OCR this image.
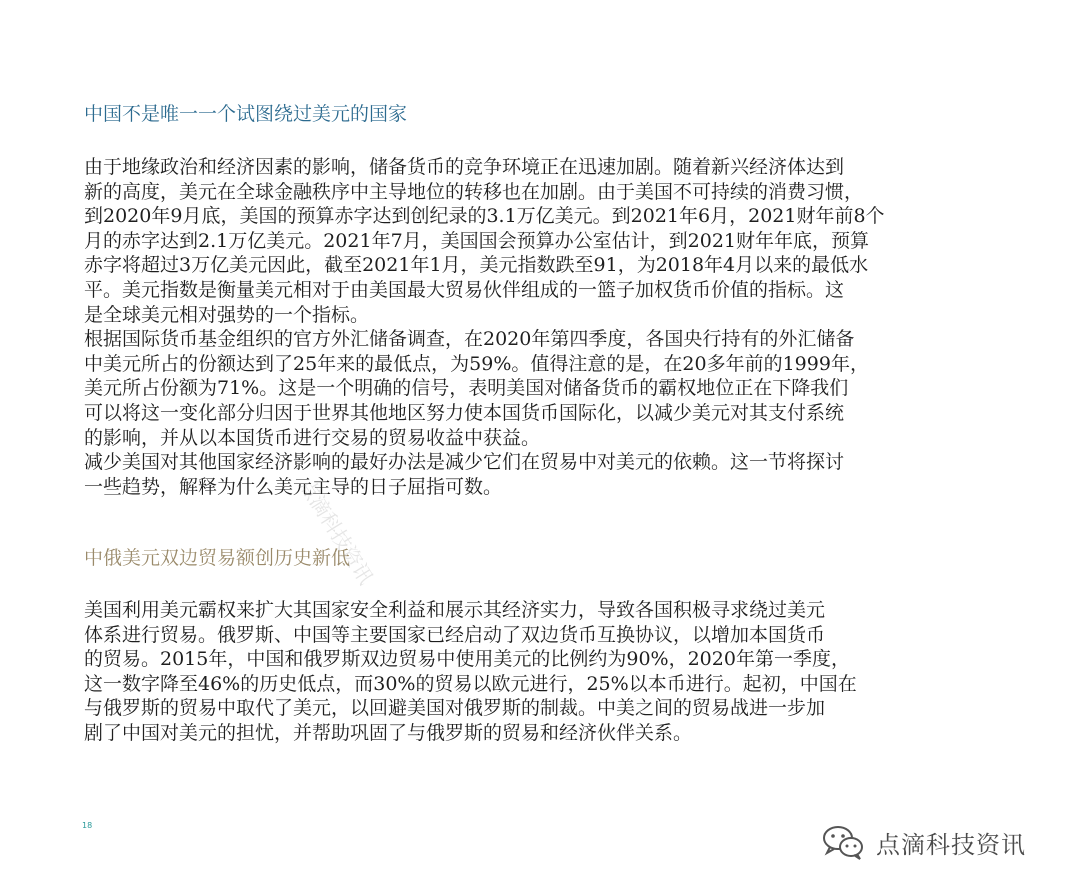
中国不是唯一一个试图绕过美元的国家

由于地缘政治和经济因素的影响，储备货币的竞争环境正在迅速加剧。随着新兴经济体达到

新的高度，美元在全球金融秩序中主导地位的转移也在加剧。由于美国不可持续的消费习惯，

到2020年9月底，美国的预算赤字达到创纪录的3.1万亿美元。到2021年6月，2021财年前8个

月的赤字达到2.1万亿美元。2021年7月，美国国会预算办公室估计，到2021财年年底，预算

赤字将超过3万亿美元因此，截至2021年1月，美元指数跌至91，为2018年4月以来的最低水

平。美元指数是衡量美元相对于由美国最大贸易伙伴组成的一篮子加权货币价值的指标。这

是全球美元相对强势的一个指标。

根据国际货币基金组织的官方外汇储备调查，在2020年第四季度，各国央行持有的外汇储备

中美元所占的份额达到了25年来的最低点，为59%。值得注意的是，在20多年前的1999年，

美元所占份额为71%。这是一个明确的信号，表明美国对储备货币的霸权地位正在下降我们

可以将这一变化部分归因于世界其他地区努力使本国货币国际化，以减少美元对其支付系统

的影响，并从以本国货币进行交易的贸易收益中获益。

减少美国对其他国家经济影响的最好办法是减少它们在贸易中对美元的依赖。这一节将探讨

一些趋势，解释为什么美元主导的日子屈指可数。

中俄美元双边贸易额创历史新低

美国利用美元霸权来扩大其国家安全利益和展示其经济实力，导致各国积极寻求绕过美元

体系进行贸易。俄罗斯、中国等主要国家已经启动了双边货币互换协议，以增加本国货币

的贸易。2015年，中国和俄罗斯双边贸易中使用美元的比例约为90%，2020年第一季度，

这一数字降至46%的历史低点，而30%的贸易以欧元进行，25%以本币进行。起初，中国在

与俄罗斯的贸易中取代了美元，以回避美国对俄罗斯的制裁。中美之间的贸易战进一步加

剧了中国对美元的担忧，并帮助巩固了与俄罗斯的贸易和经济伙伴关系。

点滴科技资讯
18
点滴科技资讯
